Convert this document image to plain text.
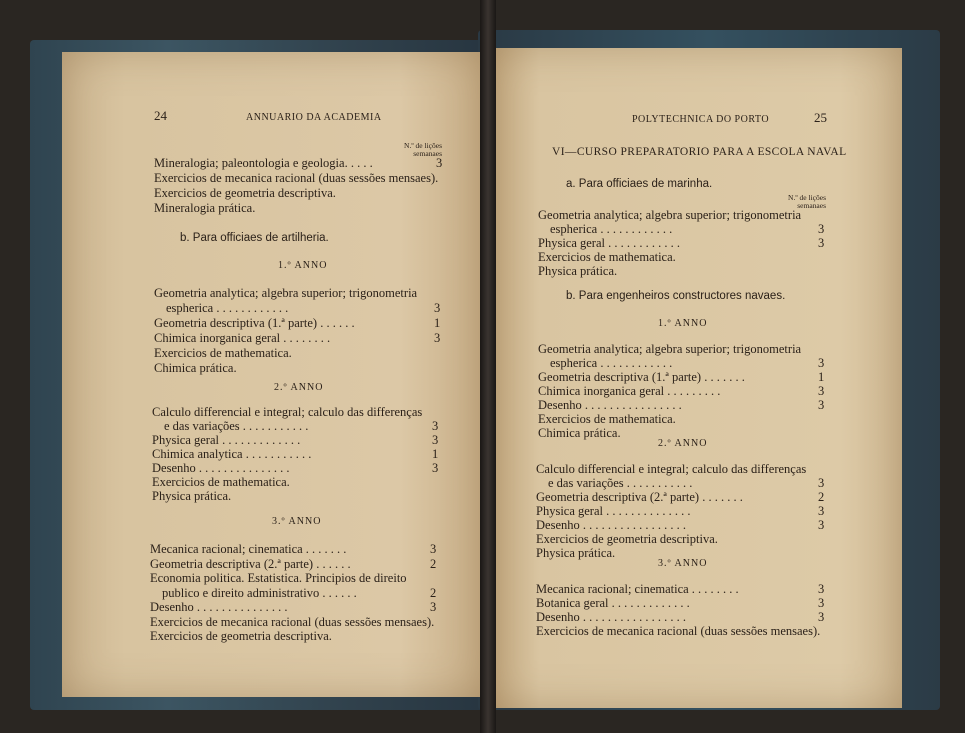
24	ANNUARIO DA ACADEMIA
N.º de lições
semanaes
Mineralogia; paleontologia e geologia. . . . .	3
Exercicios de mecanica racional (duas sessões mensaes).
Exercicios de geometria descriptiva.
Mineralogia prática.
b. Para officiaes de artilheria.
1.º ANNO
Geometria analytica; algebra superior; trigonometria
espherica . . . . . . . . . . . .	3
Geometria descriptiva (1.ª parte) . . . . . .	1
Chimica inorganica geral . . . . . . . .	3
Exercicios de mathematica.
Chimica prática.
2.º ANNO
Calculo differencial e integral; calculo das differenças
e das variações . . . . . . . . . . .	3
Physica geral . . . . . . . . . . . . .	3
Chimica analytica . . . . . . . . . . .	1
Desenho . . . . . . . . . . . . . . .	3
Exercicios de mathematica.
Physica prática.
3.º ANNO
Mecanica racional; cinematica . . . . . . .	3
Geometria descriptiva (2.ª parte) . . . . . .	2
Economia politica. Estatistica. Principios de direito
publico e direito administrativo . . . . . .	2
Desenho . . . . . . . . . . . . . . .	3
Exercicios de mecanica racional (duas sessões mensaes).
Exercicios de geometria descriptiva.
POLYTECHNICA DO PORTO	25
VI—CURSO PREPARATORIO PARA A ESCOLA NAVAL
a. Para officiaes de marinha.
N.º de lições
semanaes
Geometria analytica; algebra superior; trigonometria
espherica . . . . . . . . . . . .	3
Physica geral . . . . . . . . . . . .	3
Exercicios de mathematica.
Physica prática.
b. Para engenheiros constructores navaes.
1.º ANNO
Geometria analytica; algebra superior; trigonometria
espherica . . . . . . . . . . . .	3
Geometria descriptiva (1.ª parte) . . . . . . .	1
Chimica inorganica geral . . . . . . . . .	3
Desenho . . . . . . . . . . . . . . . .	3
Exercicios de mathematica.
Chimica prática.
2.º ANNO
Calculo differencial e integral; calculo das differenças
e das variações . . . . . . . . . . .	3
Geometria descriptiva (2.ª parte) . . . . . . .	2
Physica geral . . . . . . . . . . . . . .	3
Desenho . . . . . . . . . . . . . . . . .	3
Exercicios de geometria descriptiva.
Physica prática.
3.º ANNO
Mecanica racional; cinematica . . . . . . . .	3
Botanica geral . . . . . . . . . . . . .	3
Desenho . . . . . . . . . . . . . . . . .	3
Exercicios de mecanica racional (duas sessões mensaes).
